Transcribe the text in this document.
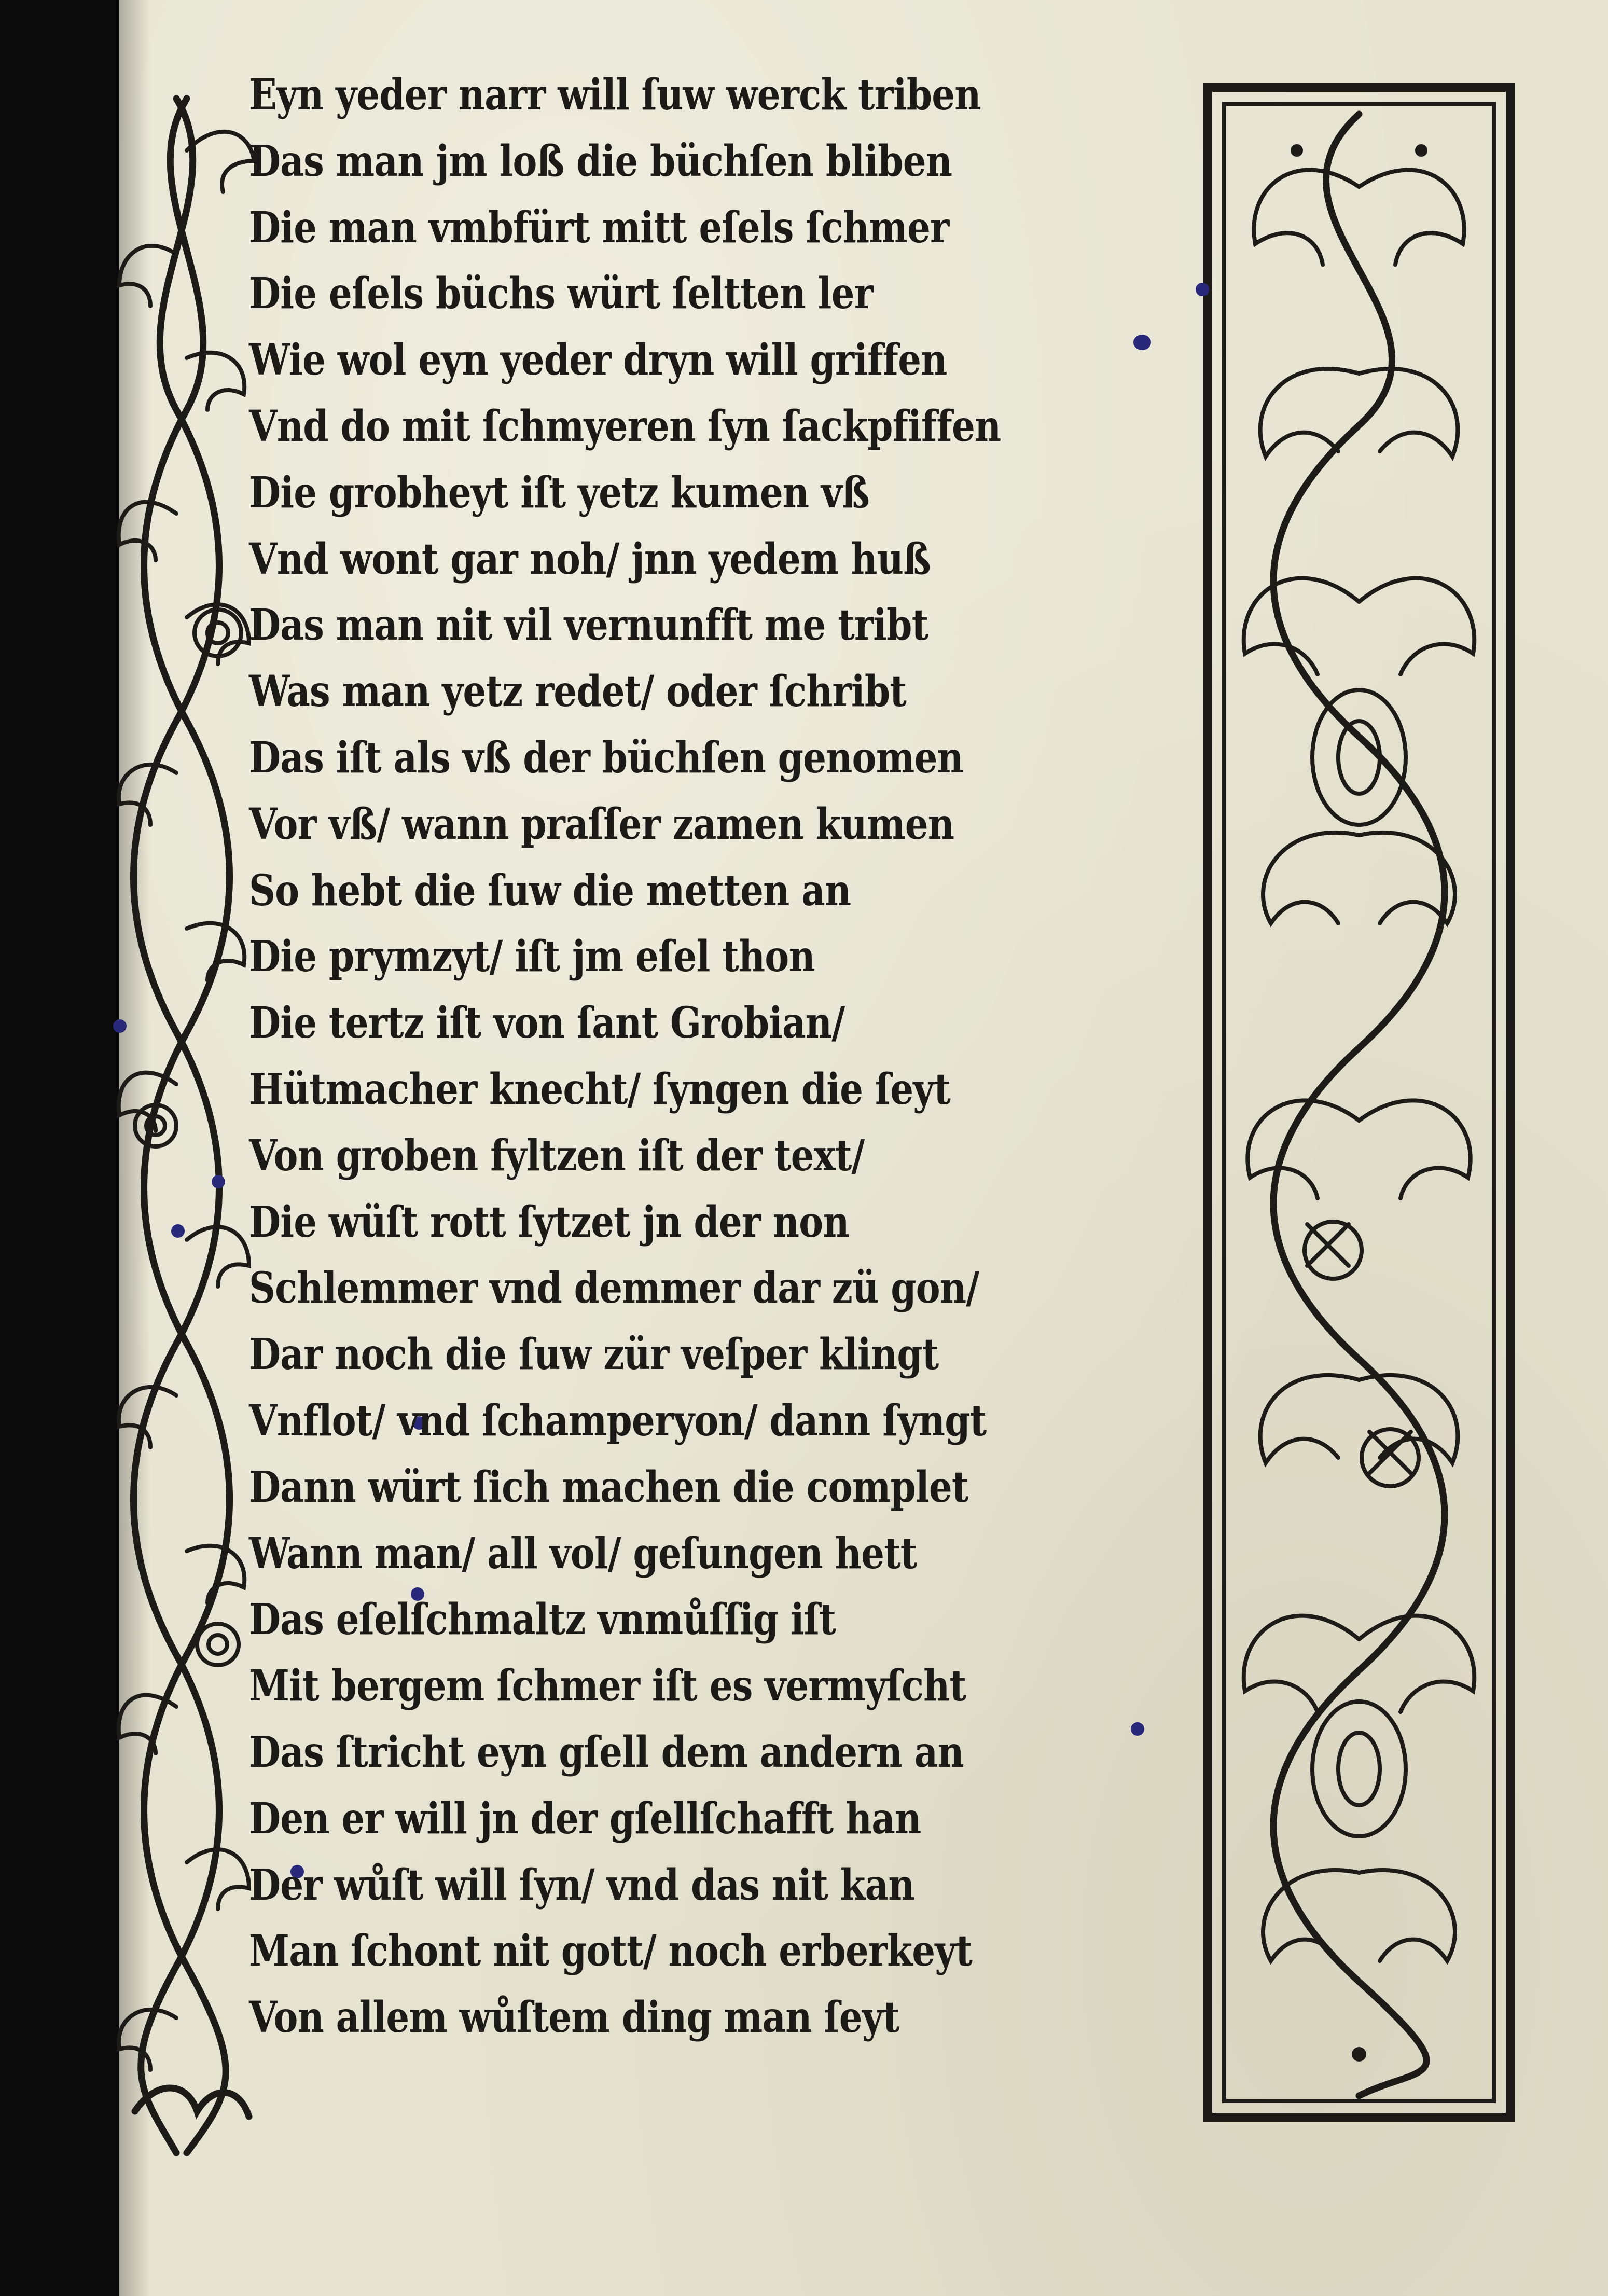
Eyn yeder narr will ſuw werck triben
Das man jm loß die büchſen bliben
Die man vmbfürt mitt eſels ſchmer
Die eſels büchs würt ſeltten ler
Wie wol eyn yeder dryn will griffen
Vnd do mit ſchmyeren ſyn ſackpfiffen
Die grobheyt iſt yetz kumen vß
Vnd wont gar noh/ jnn yedem huß
Das man nit vil vernunfft me tribt
Was man yetz redet/ oder ſchribt
Das iſt als vß der büchſen genomen
Vor vß/ wann praſſer zamen kumen
So hebt die ſuw die metten an
Die prymzyt/ iſt jm eſel thon
Die tertz iſt von ſant Grobian/
Hütmacher knecht/ ſyngen die ſeyt
Von groben fyltzen iſt der text/
Die wüſt rott ſytzet jn der non
Schlemmer vnd demmer dar zü gon/
Dar noch die ſuw zür veſper klingt
Vnflot/ vnd ſchamperyon/ dann ſyngt
Dann würt ſich machen die complet
Wann man/ all vol/ geſungen hett
Das eſelſchmaltz vnmůſſig iſt
Mit bergem ſchmer iſt es vermyſcht
Das ſtricht eyn gſell dem andern an
Den er will jn der gſellſchafft han
Der wůſt will ſyn/ vnd das nit kan
Man ſchont nit gott/ noch erberkeyt
Von allem wůſtem ding man ſeyt
